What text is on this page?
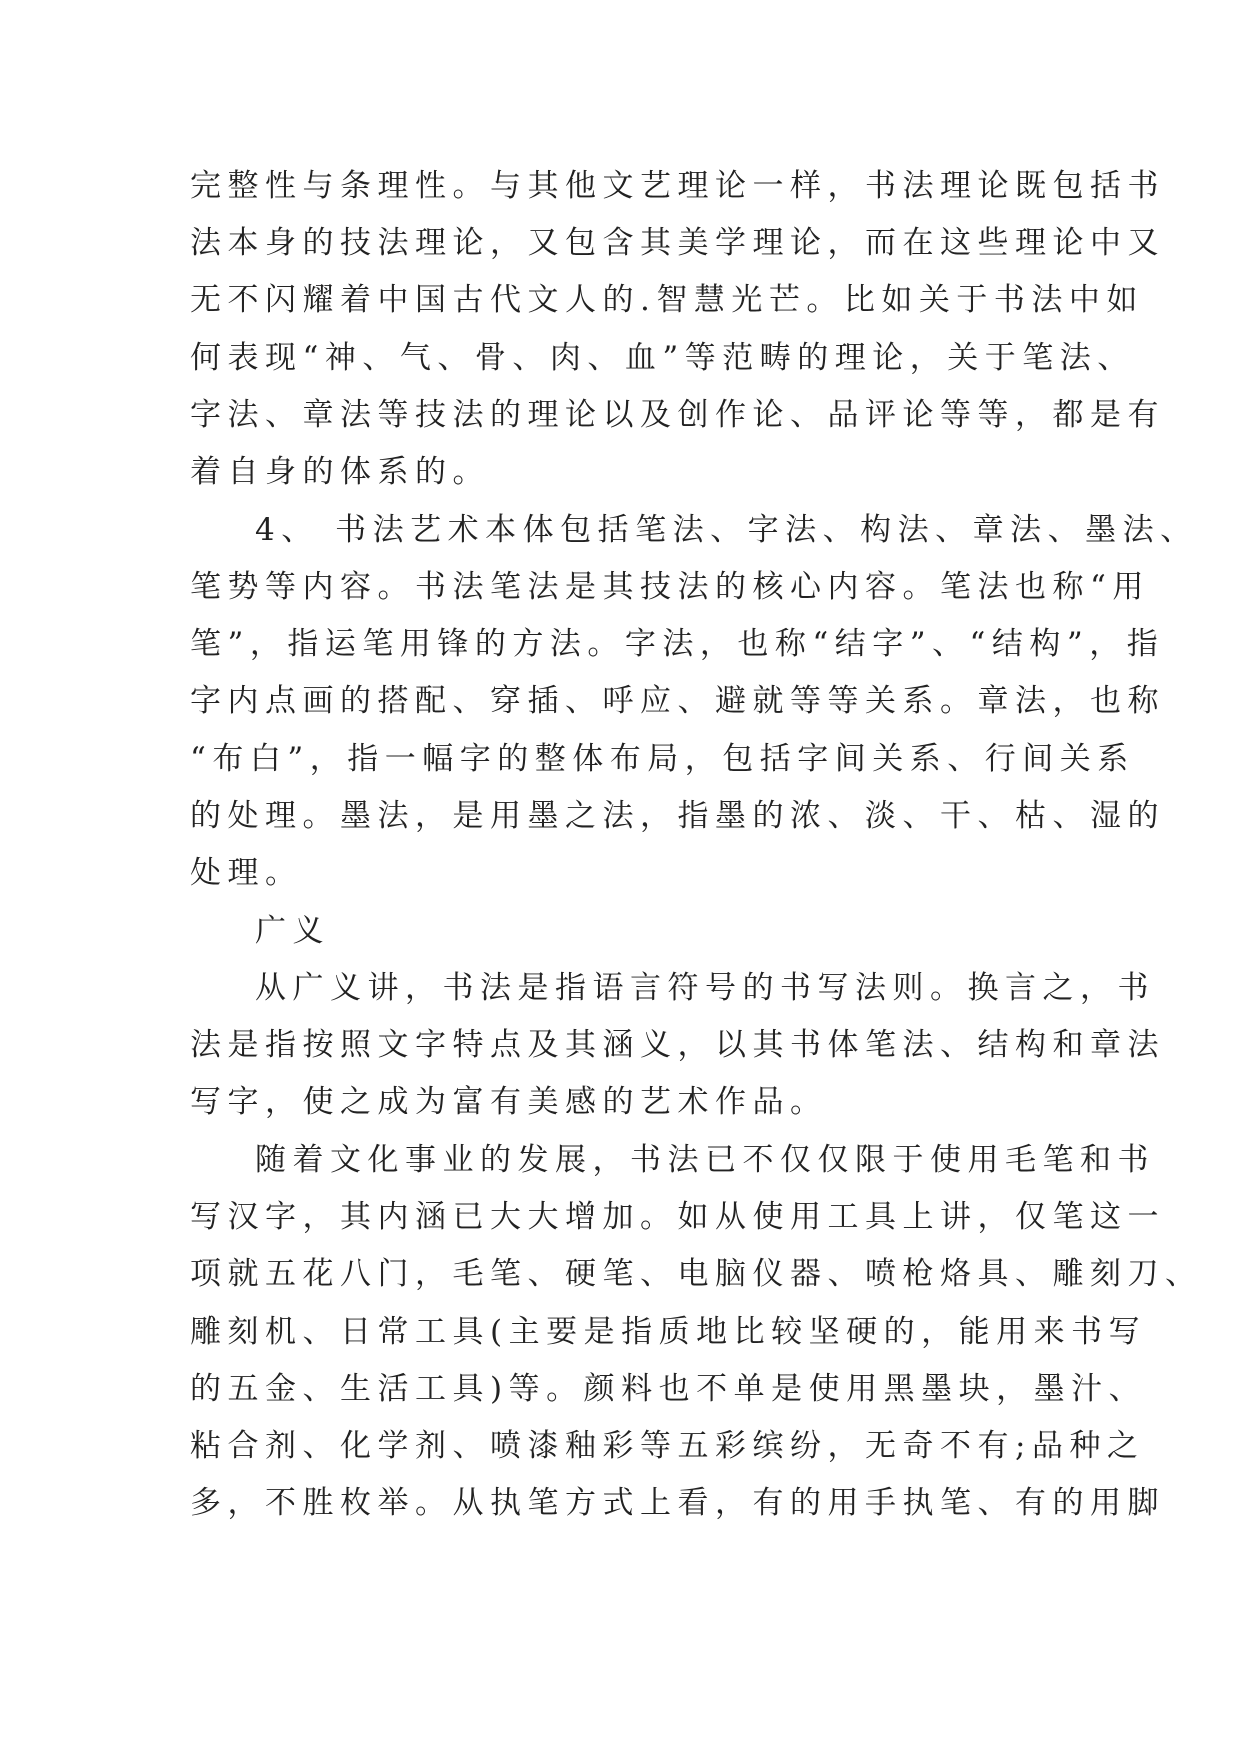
完整性与条理性。与其他文艺理论一样，书法理论既包括书
法本身的技法理论，又包含其美学理论，而在这些理论中又
无不闪耀着中国古代文人的.智慧光芒。比如关于书法中如
何表现“神、气、骨、肉、血”等范畴的理论，关于笔法、
字法、章法等技法的理论以及创作论、品评论等等，都是有
着自身的体系的。
4、 书法艺术本体包括笔法、字法、构法、章法、墨法、
笔势等内容。书法笔法是其技法的核心内容。笔法也称“用
笔”，指运笔用锋的方法。字法，也称“结字”、“结构”，指
字内点画的搭配、穿插、呼应、避就等等关系。章法，也称
“布白”，指一幅字的整体布局，包括字间关系、行间关系
的处理。墨法，是用墨之法，指墨的浓、淡、干、枯、湿的
处理。
广义
从广义讲，书法是指语言符号的书写法则。换言之，书
法是指按照文字特点及其涵义，以其书体笔法、结构和章法
写字，使之成为富有美感的艺术作品。
随着文化事业的发展，书法已不仅仅限于使用毛笔和书
写汉字，其内涵已大大增加。如从使用工具上讲，仅笔这一
项就五花八门，毛笔、硬笔、电脑仪器、喷枪烙具、雕刻刀、
雕刻机、日常工具(主要是指质地比较坚硬的，能用来书写
的五金、生活工具)等。颜料也不单是使用黑墨块，墨汁、
粘合剂、化学剂、喷漆釉彩等五彩缤纷，无奇不有;品种之
多，不胜枚举。从执笔方式上看，有的用手执笔、有的用脚
